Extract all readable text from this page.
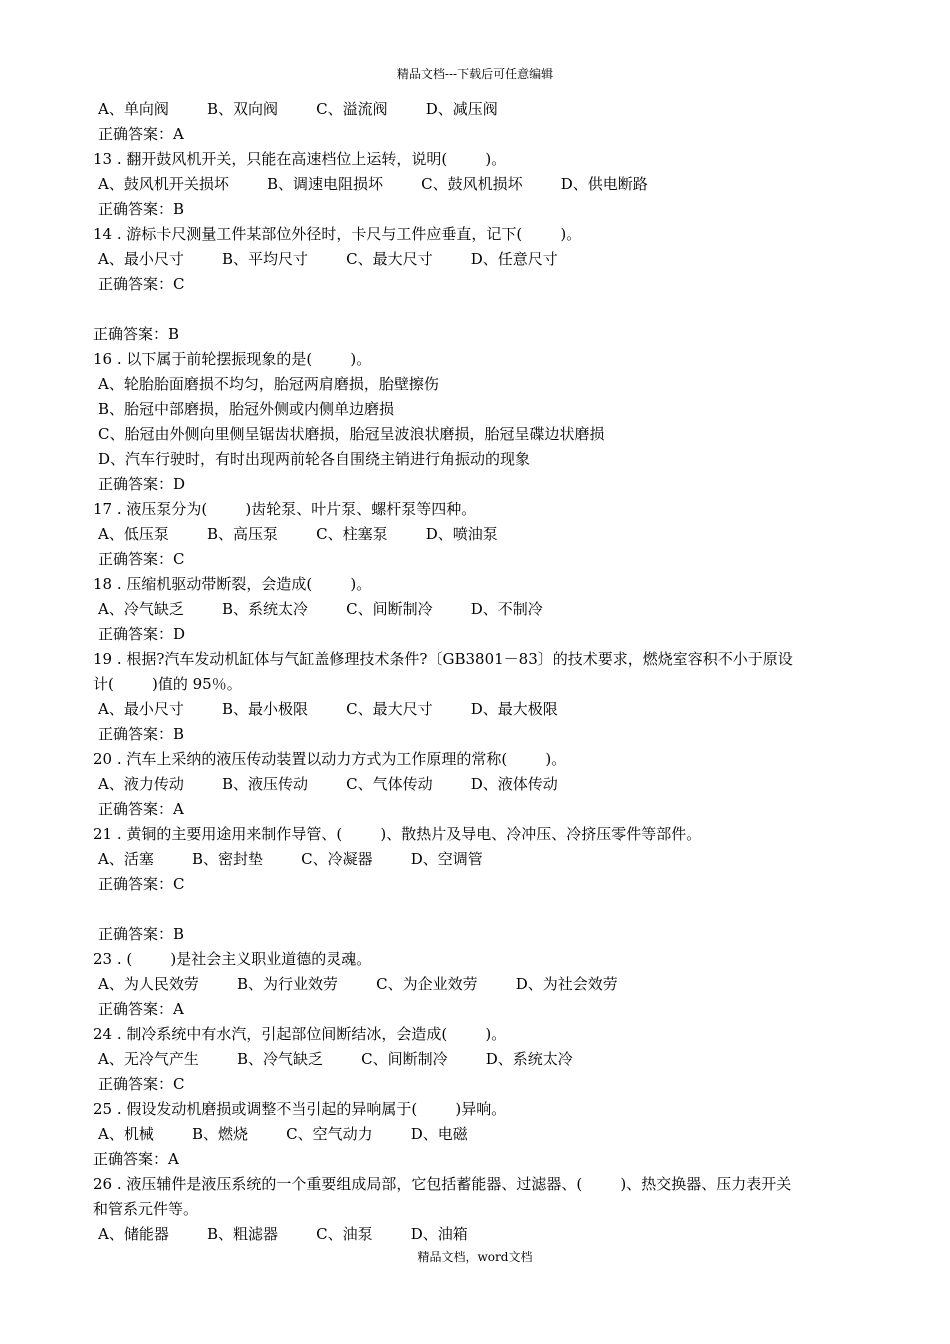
精品文档---下载后可任意编辑
A、单向阀        B、双向阀        C、溢流阀        D、减压阀
正确答案：A
13 . 翻开鼓风机开关，只能在高速档位上运转，说明(        )。
A、鼓风机开关损坏        B、调速电阻损坏        C、鼓风机损坏        D、供电断路
正确答案：B
14 . 游标卡尺测量工件某部位外径时，卡尺与工件应垂直，记下(        )。
A、最小尺寸        B、平均尺寸        C、最大尺寸        D、任意尺寸
正确答案：C
正确答案：B
16 . 以下属于前轮摆振现象的是(        )。
A、轮胎胎面磨损不均匀，胎冠两肩磨损，胎壁擦伤
B、胎冠中部磨损，胎冠外侧或内侧单边磨损
C、胎冠由外侧向里侧呈锯齿状磨损，胎冠呈波浪状磨损，胎冠呈碟边状磨损
D、汽车行驶时，有时出现两前轮各自围绕主销进行角振动的现象
正确答案：D
17 . 液压泵分为(        )齿轮泵、叶片泵、螺杆泵等四种。
A、低压泵        B、高压泵        C、柱塞泵        D、喷油泵
正确答案：C
18 . 压缩机驱动带断裂，会造成(        )。
A、冷气缺乏        B、系统太冷        C、间断制冷        D、不制冷
正确答案：D
19 . 根据?汽车发动机缸体与气缸盖修理技术条件?〔GB3801－83〕的技术要求，燃烧室容积不小于原设
计(        )值的 95％。
A、最小尺寸        B、最小极限        C、最大尺寸        D、最大极限
正确答案：B
20 . 汽车上采纳的液压传动装置以动力方式为工作原理的常称(        )。
A、液力传动        B、液压传动        C、气体传动        D、液体传动
正确答案：A
21 . 黄铜的主要用途用来制作导管、(        )、散热片及导电、冷冲压、冷挤压零件等部件。
A、活塞        B、密封垫        C、冷凝器        D、空调管
正确答案：C
正确答案：B
23 . (        )是社会主义职业道德的灵魂。
A、为人民效劳        B、为行业效劳        C、为企业效劳        D、为社会效劳
正确答案：A
24 . 制冷系统中有水汽，引起部位间断结冰，会造成(        )。
A、无冷气产生        B、冷气缺乏        C、间断制冷        D、系统太冷
正确答案：C
25 . 假设发动机磨损或调整不当引起的异响属于(        )异响。
A、机械        B、燃烧        C、空气动力        D、电磁
正确答案：A
26 . 液压辅件是液压系统的一个重要组成局部，它包括蓄能器、过滤器、(        )、热交换器、压力表开关
和管系元件等。
A、储能器        B、粗滤器        C、油泵        D、油箱
精品文档，word文档
